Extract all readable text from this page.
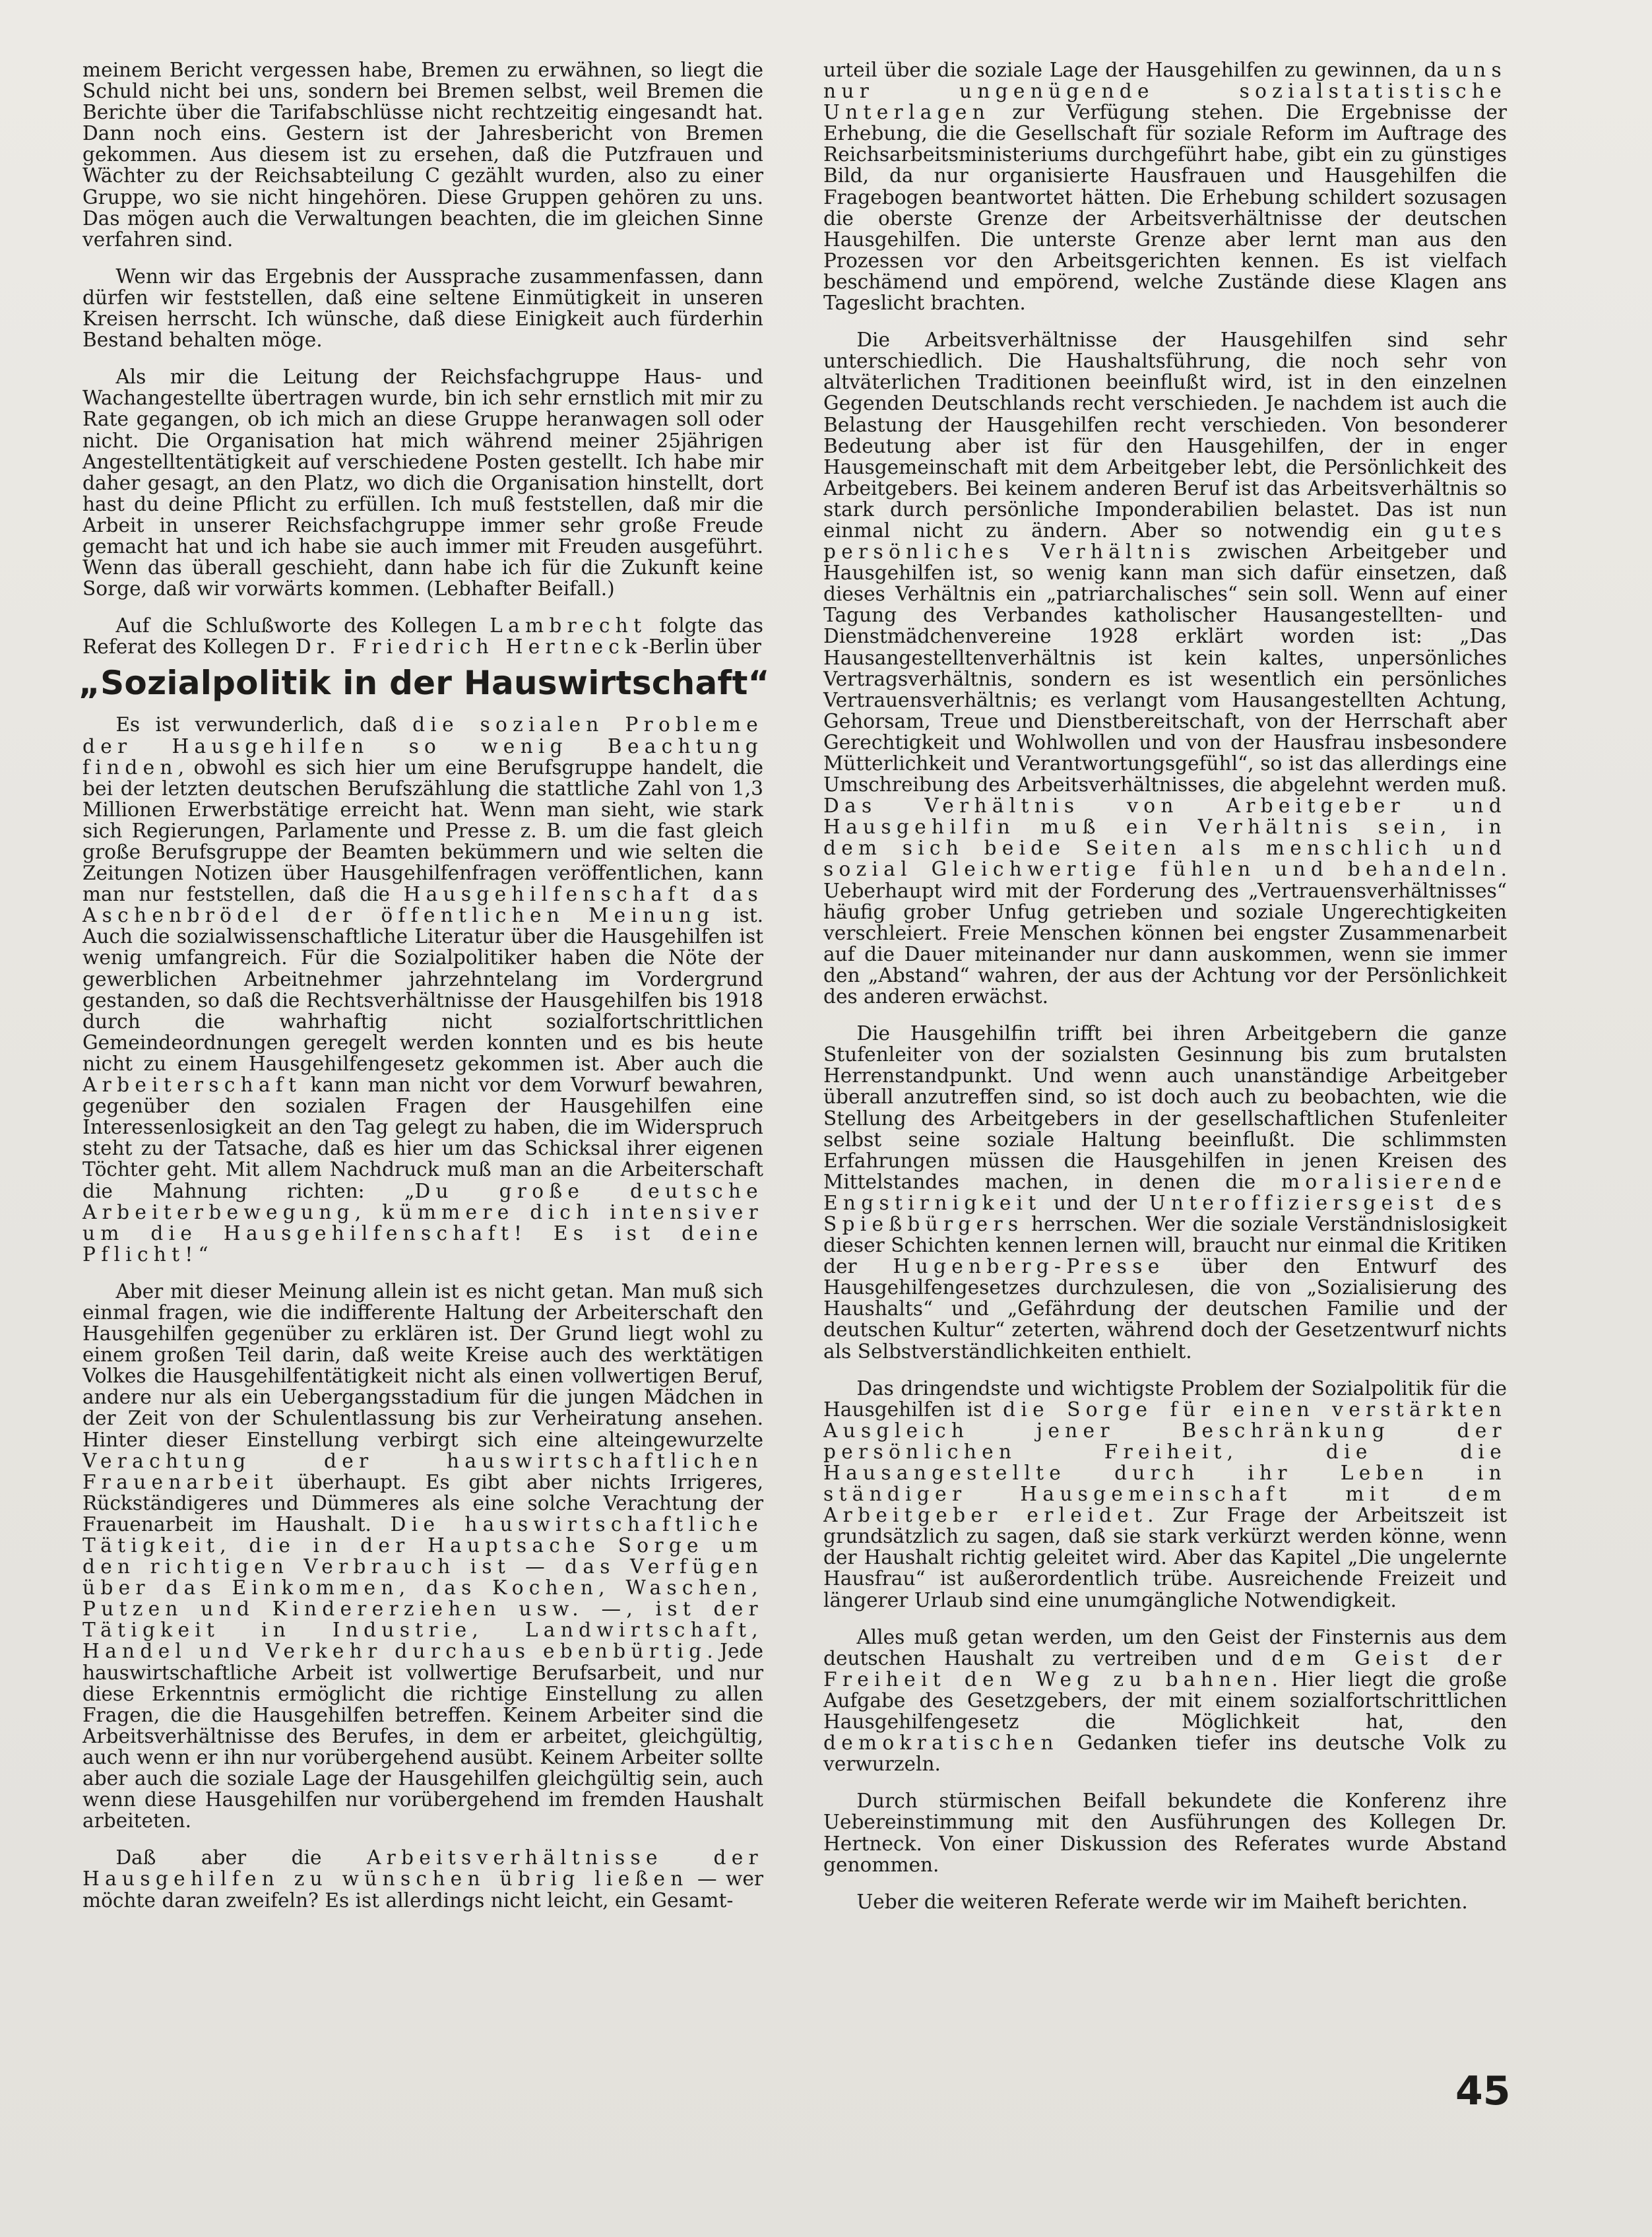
meinem Bericht vergessen habe, Bremen zu erwähnen, so liegt die Schuld nicht bei uns, sondern bei Bremen selbst, weil Bremen die Berichte über die Tarifabschlüsse nicht rechtzeitig eingesandt hat. Dann noch eins. Gestern ist der Jahresbericht von Bremen gekommen. Aus diesem ist zu ersehen, daß die Putzfrauen und Wächter zu der Reichsabteilung C gezählt wurden, also zu einer Gruppe, wo sie nicht hingehören. Diese Gruppen gehören zu uns. Das mögen auch die Verwaltungen beachten, die im gleichen Sinne verfahren sind.

Wenn wir das Ergebnis der Aussprache zusammenfassen, dann dürfen wir feststellen, daß eine seltene Einmütigkeit in unseren Kreisen herrscht. Ich wünsche, daß diese Einigkeit auch fürderhin Bestand behalten möge.

Als mir die Leitung der Reichsfachgruppe Haus- und Wachangestellte übertragen wurde, bin ich sehr ernstlich mit mir zu Rate gegangen, ob ich mich an diese Gruppe heranwagen soll oder nicht. Die Organisation hat mich während meiner 25jährigen Angestelltentätigkeit auf verschiedene Posten gestellt. Ich habe mir daher gesagt, an den Platz, wo dich die Organisation hinstellt, dort hast du deine Pflicht zu erfüllen. Ich muß feststellen, daß mir die Arbeit in unserer Reichsfachgruppe immer sehr große Freude gemacht hat und ich habe sie auch immer mit Freuden ausgeführt. Wenn das überall geschieht, dann habe ich für die Zukunft keine Sorge, daß wir vorwärts kommen. (Lebhafter Beifall.)

Auf die Schlußworte des Kollegen Lambrecht folgte das Referat des Kollegen Dr. Friedrich Hertneck-Berlin über

„Sozialpolitik in der Hauswirtschaft“

Es ist verwunderlich, daß die sozialen Probleme der Hausgehilfen so wenig Beachtung finden, obwohl es sich hier um eine Berufsgruppe handelt, die bei der letzten deutschen Berufszählung die stattliche Zahl von 1,3 Millionen Erwerbstätige erreicht hat. Wenn man sieht, wie stark sich Regierungen, Parlamente und Presse z. B. um die fast gleich große Berufsgruppe der Beamten bekümmern und wie selten die Zeitungen Notizen über Hausgehilfenfragen veröffentlichen, kann man nur feststellen, daß die Hausgehilfenschaft das Aschenbrödel der öffentlichen Meinung ist. Auch die sozialwissenschaftliche Literatur über die Hausgehilfen ist wenig umfangreich. Für die Sozialpolitiker haben die Nöte der gewerblichen Arbeitnehmer jahrzehntelang im Vordergrund gestanden, so daß die Rechtsverhältnisse der Hausgehilfen bis 1918 durch die wahrhaftig nicht sozialfortschrittlichen Gemeindeordnungen geregelt werden konnten und es bis heute nicht zu einem Hausgehilfengesetz gekommen ist. Aber auch die Arbeiterschaft kann man nicht vor dem Vorwurf bewahren, gegenüber den sozialen Fragen der Hausgehilfen eine Interessenlosigkeit an den Tag gelegt zu haben, die im Widerspruch steht zu der Tatsache, daß es hier um das Schicksal ihrer eigenen Töchter geht. Mit allem Nachdruck muß man an die Arbeiterschaft die Mahnung richten: „Du große deutsche Arbeiterbewegung, kümmere dich intensiver um die Hausgehilfenschaft! Es ist deine Pflicht!“

Aber mit dieser Meinung allein ist es nicht getan. Man muß sich einmal fragen, wie die indifferente Haltung der Arbeiterschaft den Hausgehilfen gegenüber zu erklären ist. Der Grund liegt wohl zu einem großen Teil darin, daß weite Kreise auch des werktätigen Volkes die Hausgehilfentätigkeit nicht als einen vollwertigen Beruf, andere nur als ein Uebergangsstadium für die jungen Mädchen in der Zeit von der Schulentlassung bis zur Verheiratung ansehen. Hinter dieser Einstellung verbirgt sich eine alteingewurzelte Verachtung der hauswirtschaftlichen Frauenarbeit überhaupt. Es gibt aber nichts Irrigeres, Rückständigeres und Dümmeres als eine solche Verachtung der Frauenarbeit im Haushalt. Die hauswirtschaftliche Tätigkeit, die in der Hauptsache Sorge um den richtigen Verbrauch ist — das Verfügen über das Einkommen, das Kochen, Waschen, Putzen und Kindererziehen usw. —, ist der Tätigkeit in Industrie, Landwirtschaft, Handel und Verkehr durchaus ebenbürtig. Jede hauswirtschaftliche Arbeit ist vollwertige Berufsarbeit, und nur diese Erkenntnis ermöglicht die richtige Einstellung zu allen Fragen, die die Hausgehilfen betreffen. Keinem Arbeiter sind die Arbeitsverhältnisse des Berufes, in dem er arbeitet, gleichgültig, auch wenn er ihn nur vorübergehend ausübt. Keinem Arbeiter sollte aber auch die soziale Lage der Hausgehilfen gleichgültig sein, auch wenn diese Hausgehilfen nur vorübergehend im fremden Haushalt arbeiteten.

Daß aber die Arbeitsverhältnisse der Hausgehilfen zu wünschen übrig ließen — wer möchte daran zweifeln? Es ist allerdings nicht leicht, ein Gesamt-

urteil über die soziale Lage der Hausgehilfen zu gewinnen, da uns nur ungenügende sozialstatistische Unterlagen zur Verfügung stehen. Die Ergebnisse der Erhebung, die die Gesellschaft für soziale Reform im Auftrage des Reichsarbeitsministeriums durchgeführt habe, gibt ein zu günstiges Bild, da nur organisierte Hausfrauen und Hausgehilfen die Fragebogen beantwortet hätten. Die Erhebung schildert sozusagen die oberste Grenze der Arbeitsverhältnisse der deutschen Hausgehilfen. Die unterste Grenze aber lernt man aus den Prozessen vor den Arbeitsgerichten kennen. Es ist vielfach beschämend und empörend, welche Zustände diese Klagen ans Tageslicht brachten.

Die Arbeitsverhältnisse der Hausgehilfen sind sehr unterschiedlich. Die Haushaltsführung, die noch sehr von altväterlichen Traditionen beeinflußt wird, ist in den einzelnen Gegenden Deutschlands recht verschieden. Je nachdem ist auch die Belastung der Hausgehilfen recht verschieden. Von besonderer Bedeutung aber ist für den Hausgehilfen, der in enger Hausgemeinschaft mit dem Arbeitgeber lebt, die Persönlichkeit des Arbeitgebers. Bei keinem anderen Beruf ist das Arbeitsverhältnis so stark durch persönliche Imponderabilien belastet. Das ist nun einmal nicht zu ändern. Aber so notwendig ein gutes persönliches Verhältnis zwischen Arbeitgeber und Hausgehilfen ist, so wenig kann man sich dafür einsetzen, daß dieses Verhältnis ein „patriarchalisches“ sein soll. Wenn auf einer Tagung des Verbandes katholischer Hausangestellten- und Dienstmädchenvereine 1928 erklärt worden ist: „Das Hausangestelltenverhältnis ist kein kaltes, unpersönliches Vertragsverhältnis, sondern es ist wesentlich ein persönliches Vertrauensverhältnis; es verlangt vom Hausangestellten Achtung, Gehorsam, Treue und Dienstbereitschaft, von der Herrschaft aber Gerechtigkeit und Wohlwollen und von der Hausfrau insbesondere Mütterlichkeit und Verantwortungsgefühl“, so ist das allerdings eine Umschreibung des Arbeitsverhältnisses, die abgelehnt werden muß. Das Verhältnis von Arbeitgeber und Hausgehilfin muß ein Verhältnis sein, in dem sich beide Seiten als menschlich und sozial Gleichwertige fühlen und behandeln. Ueberhaupt wird mit der Forderung des „Vertrauensverhältnisses“ häufig grober Unfug getrieben und soziale Ungerechtigkeiten verschleiert. Freie Menschen können bei engster Zusammenarbeit auf die Dauer miteinander nur dann auskommen, wenn sie immer den „Abstand“ wahren, der aus der Achtung vor der Persönlichkeit des anderen erwächst.

Die Hausgehilfin trifft bei ihren Arbeitgebern die ganze Stufenleiter von der sozialsten Gesinnung bis zum brutalsten Herrenstandpunkt. Und wenn auch unanständige Arbeitgeber überall anzutreffen sind, so ist doch auch zu beobachten, wie die Stellung des Arbeitgebers in der gesellschaftlichen Stufenleiter selbst seine soziale Haltung beeinflußt. Die schlimmsten Erfahrungen müssen die Hausgehilfen in jenen Kreisen des Mittelstandes machen, in denen die moralisierende Engstirnigkeit und der Unteroffiziersgeist des Spießbürgers herrschen. Wer die soziale Verständnislosigkeit dieser Schichten kennen lernen will, braucht nur einmal die Kritiken der Hugenberg-Presse über den Entwurf des Hausgehilfengesetzes durchzulesen, die von „Sozialisierung des Haushalts“ und „Gefährdung der deutschen Familie und der deutschen Kultur“ zeterten, während doch der Gesetzentwurf nichts als Selbstverständlichkeiten enthielt.

Das dringendste und wichtigste Problem der Sozialpolitik für die Hausgehilfen ist die Sorge für einen verstärkten Ausgleich jener Beschränkung der persönlichen Freiheit, die die Hausangestellte durch ihr Leben in ständiger Hausgemeinschaft mit dem Arbeitgeber erleidet. Zur Frage der Arbeitszeit ist grundsätzlich zu sagen, daß sie stark verkürzt werden könne, wenn der Haushalt richtig geleitet wird. Aber das Kapitel „Die ungelernte Hausfrau“ ist außerordentlich trübe. Ausreichende Freizeit und längerer Urlaub sind eine unumgängliche Notwendigkeit.

Alles muß getan werden, um den Geist der Finsternis aus dem deutschen Haushalt zu vertreiben und dem Geist der Freiheit den Weg zu bahnen. Hier liegt die große Aufgabe des Gesetzgebers, der mit einem sozialfortschrittlichen Hausgehilfengesetz die Möglichkeit hat, den demokratischen Gedanken tiefer ins deutsche Volk zu verwurzeln.

Durch stürmischen Beifall bekundete die Konferenz ihre Uebereinstimmung mit den Ausführungen des Kollegen Dr. Hertneck. Von einer Diskussion des Referates wurde Abstand genommen.

Ueber die weiteren Referate werde wir im Maiheft berichten.

45
